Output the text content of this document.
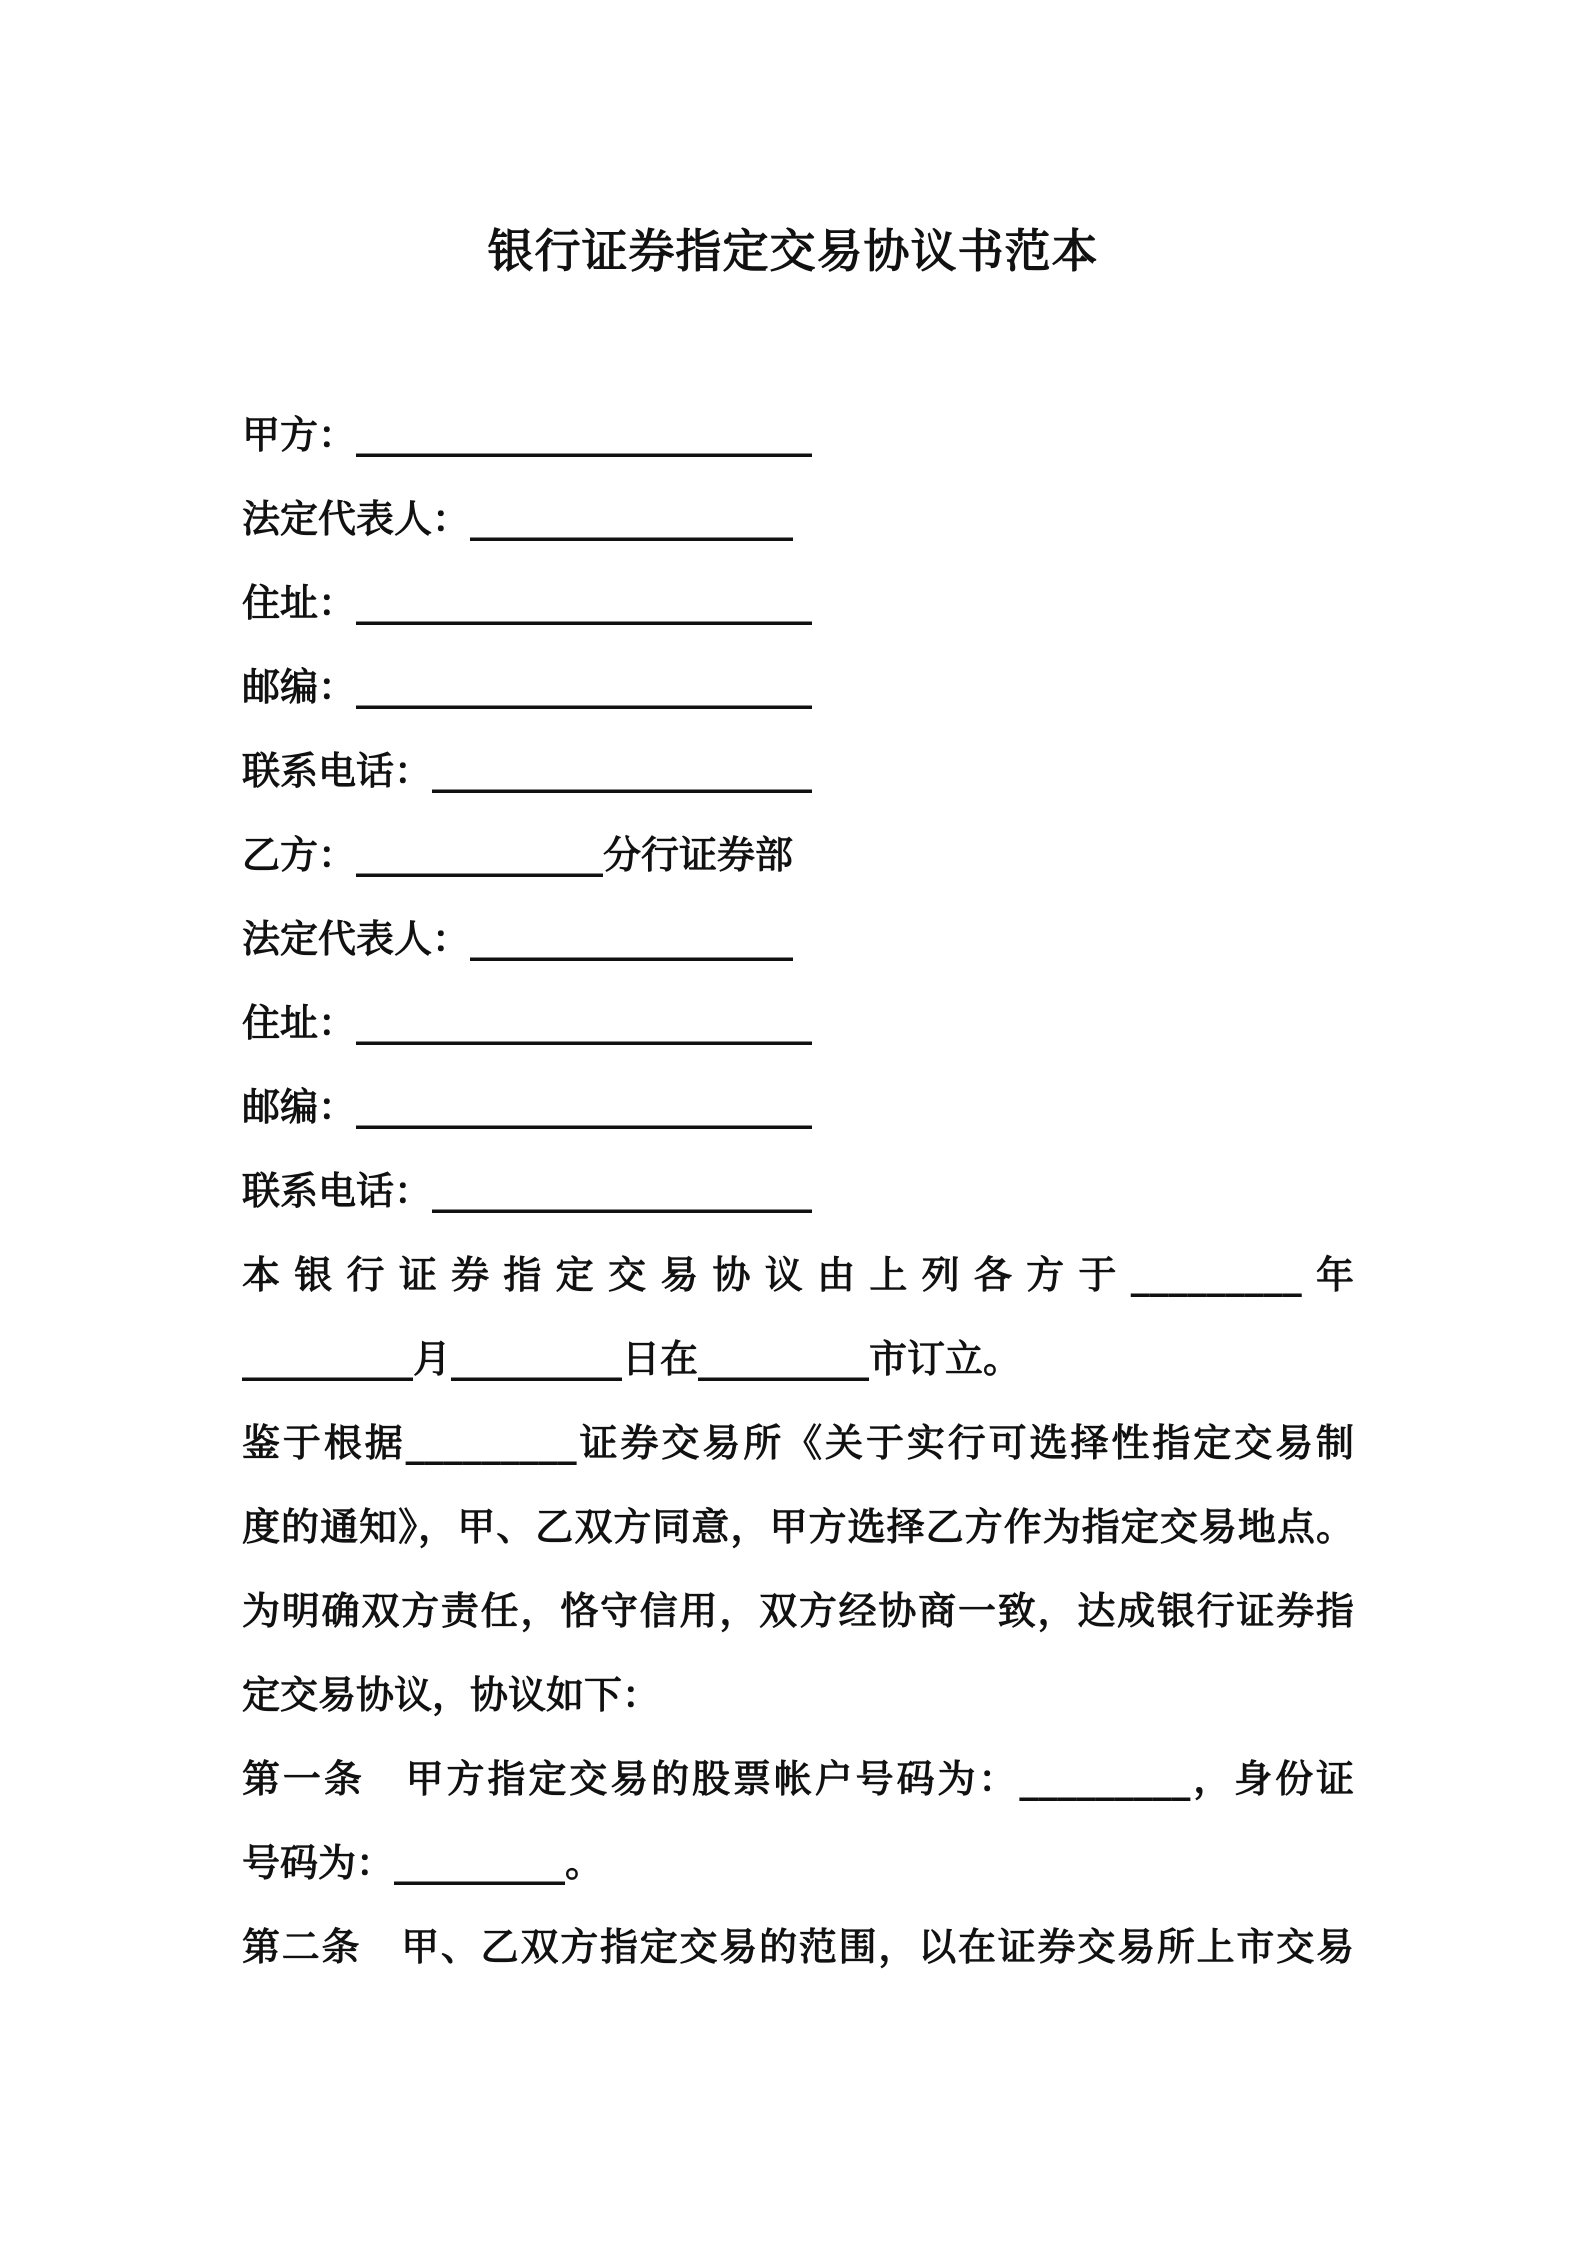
银行证券指定交易协议书范本
甲方：________________________
法定代表人：_________________
住址：________________________
邮编：________________________
联系电话：____________________
乙方：_____________分行证券部
法定代表人：_________________
住址：________________________
邮编：________________________
联系电话：____________________
本银行证券指定交易协议由上列各方于_________年
_________月_________日在_________市订立。
鉴于根据_________证券交易所《关于实行可选择性指定交易制
度的通知》，甲、乙双方同意，甲方选择乙方作为指定交易地点。
为明确双方责任，恪守信用，双方经协商一致，达成银行证券指
定交易协议，协议如下：
第一条　甲方指定交易的股票帐户号码为：_________，身份证
号码为：_________。
第二条　甲、乙双方指定交易的范围，以在证券交易所上市交易
